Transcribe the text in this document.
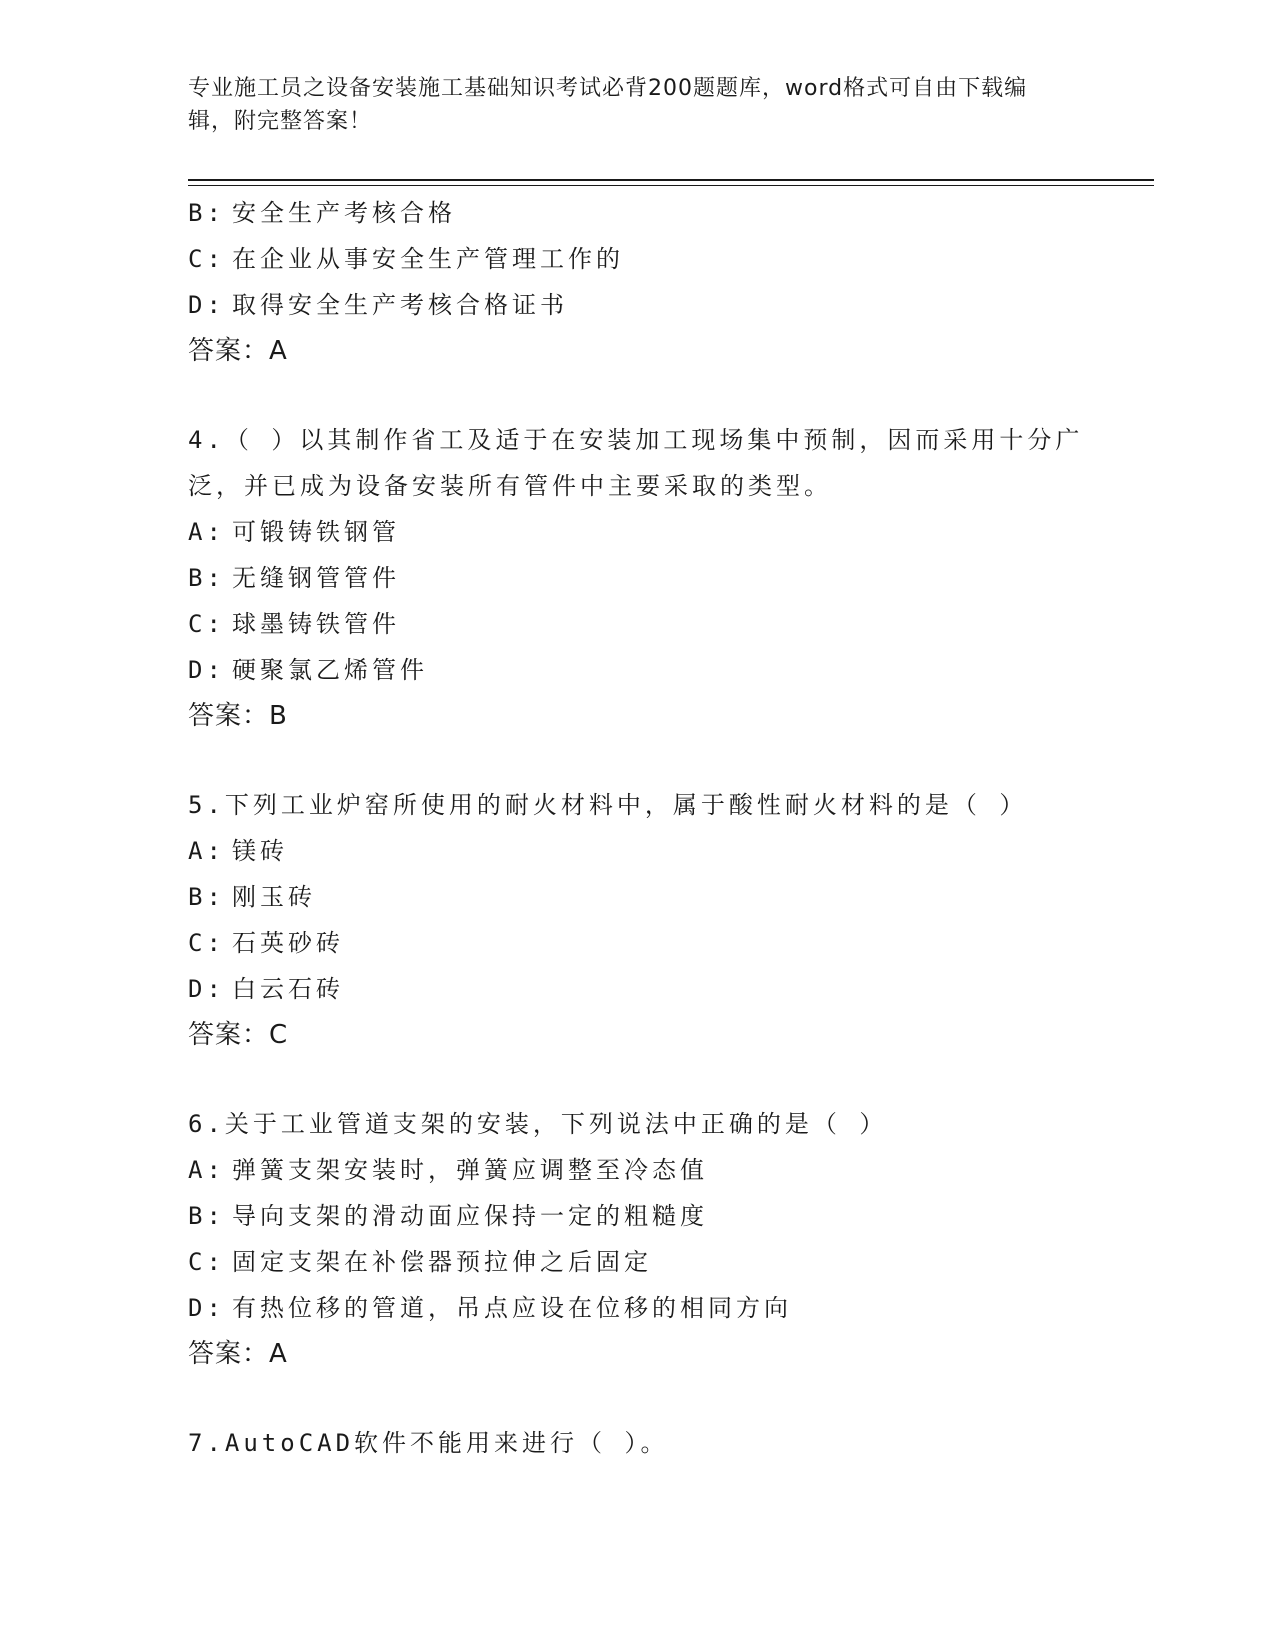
专业施工员之设备安装施工基础知识考试必背200题题库，word格式可自由下载编辑，附完整答案！
B: 安全生产考核合格
C: 在企业从事安全生产管理工作的
D: 取得安全生产考核合格证书
答案：A
4.（ ）以其制作省工及适于在安装加工现场集中预制，因而采用十分广泛，并已成为设备安装所有管件中主要采取的类型。
A: 可锻铸铁钢管
B: 无缝钢管管件
C: 球墨铸铁管件
D: 硬聚氯乙烯管件
答案：B
5.下列工业炉窑所使用的耐火材料中，属于酸性耐火材料的是（ ）
A: 镁砖
B: 刚玉砖
C: 石英砂砖
D: 白云石砖
答案：C
6.关于工业管道支架的安装，下列说法中正确的是（ ）
A: 弹簧支架安装时，弹簧应调整至冷态值
B: 导向支架的滑动面应保持一定的粗糙度
C: 固定支架在补偿器预拉伸之后固定
D: 有热位移的管道，吊点应设在位移的相同方向
答案：A
7.AutoCAD软件不能用来进行（ ）。
